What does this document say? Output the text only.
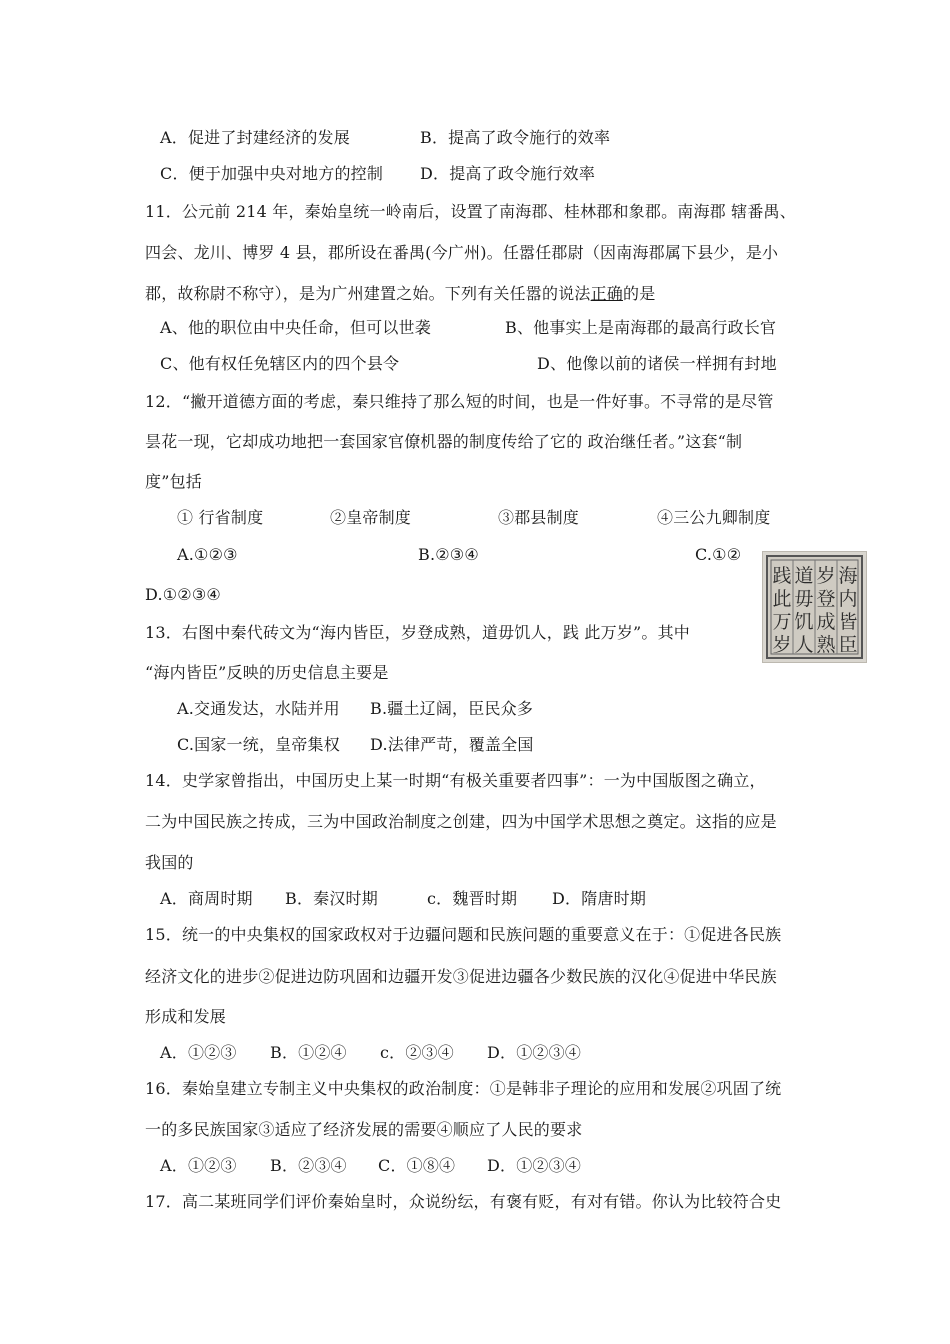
A．促进了封建经济的发展	B．提高了政令施行的效率
C．便于加强中央对地方的控制 D．提高了政令施行效率
11．公元前 214 年，秦始皇统一岭南后，设置了南海郡、桂林郡和象郡。南海郡 辖番禺、
四会、龙川、博罗 4 县，郡所设在番禺(今广州)。任嚣任郡尉（因南海郡属下县少，是小
郡，故称尉不称守），是为广州建置之始。下列有关任嚣的说法正确的是
A、他的职位由中央任命，但可以世袭	B、他事实上是南海郡的最高行政长官
C、他有权任免辖区内的四个县令	D、他像以前的诸侯一样拥有封地
12．“撇开道德方面的考虑，秦只维持了那么短的时间，也是一件好事。不寻常的是尽管
昙花一现，它却成功地把一套国家官僚机器的制度传给了它的 政治继任者。”这套“制
度”包括
① 行省制度	②皇帝制度	③郡县制度	④三公九卿制度
A.①②③	B.②③④	C.①②
D.①②③④
海
内
皆
臣
岁
登
成
熟
道
毋
饥
人
践
此
万
岁
13．右图中秦代砖文为“海内皆臣，岁登成熟，道毋饥人，践 此万岁”。其中
“海内皆臣”反映的历史信息主要是
A.交通发达，水陆并用 B.疆土辽阔，臣民众多
C.国家一统，皇帝集权 D.法律严苛，覆盖全国
14．史学家曾指出，中国历史上某一时期“有极关重要者四事”：一为中国版图之确立，
二为中国民族之抟成，三为中国政治制度之创建，四为中国学术思想之奠定。这指的应是
我国的
A．商周时期 B．秦汉时期	c．魏晋时期 D．隋唐时期
15．统一的中央集权的国家政权对于边疆问题和民族问题的重要意义在于：①促进各民族
经济文化的进步②促进边防巩固和边疆开发③促进边疆各少数民族的汉化④促进中华民族
形成和发展
A．①②③ B．①②④ c．②③④ D．①②③④
16．秦始皇建立专制主义中央集权的政治制度：①是韩非子理论的应用和发展②巩固了统
一的多民族国家③适应了经济发展的需要④顺应了人民的要求
A．①②③ B．②③④ C．①⑧④ D．①②③④
17．高二某班同学们评价秦始皇时，众说纷纭，有褒有贬，有对有错。你认为比较符合史
